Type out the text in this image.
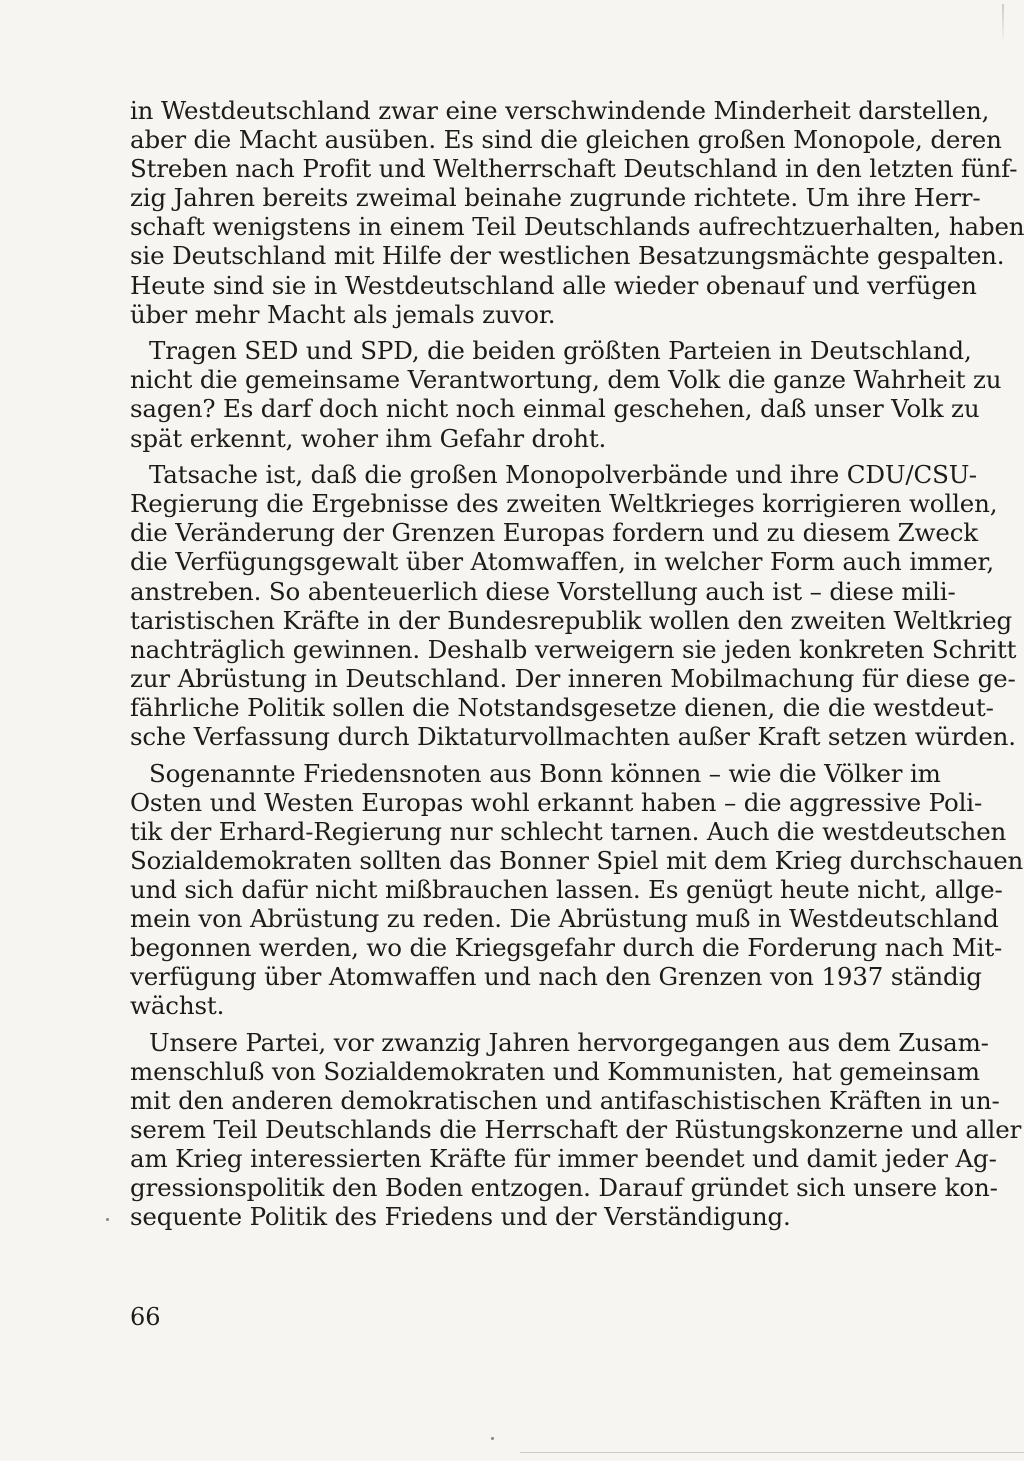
in Westdeutschland zwar eine verschwindende Minderheit darstellen,
aber die Macht ausüben. Es sind die gleichen großen Monopole, deren
Streben nach Profit und Weltherrschaft Deutschland in den letzten fünf-
zig Jahren bereits zweimal beinahe zugrunde richtete. Um ihre Herr-
schaft wenigstens in einem Teil Deutschlands aufrechtzuerhalten, haben
sie Deutschland mit Hilfe der westlichen Besatzungsmächte gespalten.
Heute sind sie in Westdeutschland alle wieder obenauf und verfügen
über mehr Macht als jemals zuvor.
Tragen SED und SPD, die beiden größten Parteien in Deutschland,
nicht die gemeinsame Verantwortung, dem Volk die ganze Wahrheit zu
sagen? Es darf doch nicht noch einmal geschehen, daß unser Volk zu
spät erkennt, woher ihm Gefahr droht.
Tatsache ist, daß die großen Monopolverbände und ihre CDU/CSU-
Regierung die Ergebnisse des zweiten Weltkrieges korrigieren wollen,
die Veränderung der Grenzen Europas fordern und zu diesem Zweck
die Verfügungsgewalt über Atomwaffen, in welcher Form auch immer,
anstreben. So abenteuerlich diese Vorstellung auch ist – diese mili-
taristischen Kräfte in der Bundesrepublik wollen den zweiten Weltkrieg
nachträglich gewinnen. Deshalb verweigern sie jeden konkreten Schritt
zur Abrüstung in Deutschland. Der inneren Mobilmachung für diese ge-
fährliche Politik sollen die Notstandsgesetze dienen, die die westdeut-
sche Verfassung durch Diktaturvollmachten außer Kraft setzen würden.
Sogenannte Friedensnoten aus Bonn können – wie die Völker im
Osten und Westen Europas wohl erkannt haben – die aggressive Poli-
tik der Erhard-Regierung nur schlecht tarnen. Auch die westdeutschen
Sozialdemokraten sollten das Bonner Spiel mit dem Krieg durchschauen
und sich dafür nicht mißbrauchen lassen. Es genügt heute nicht, allge-
mein von Abrüstung zu reden. Die Abrüstung muß in Westdeutschland
begonnen werden, wo die Kriegsgefahr durch die Forderung nach Mit-
verfügung über Atomwaffen und nach den Grenzen von 1937 ständig
wächst.
Unsere Partei, vor zwanzig Jahren hervorgegangen aus dem Zusam-
menschluß von Sozialdemokraten und Kommunisten, hat gemeinsam
mit den anderen demokratischen und antifaschistischen Kräften in un-
serem Teil Deutschlands die Herrschaft der Rüstungskonzerne und aller
am Krieg interessierten Kräfte für immer beendet und damit jeder Ag-
gressionspolitik den Boden entzogen. Darauf gründet sich unsere kon-
sequente Politik des Friedens und der Verständigung.
66
